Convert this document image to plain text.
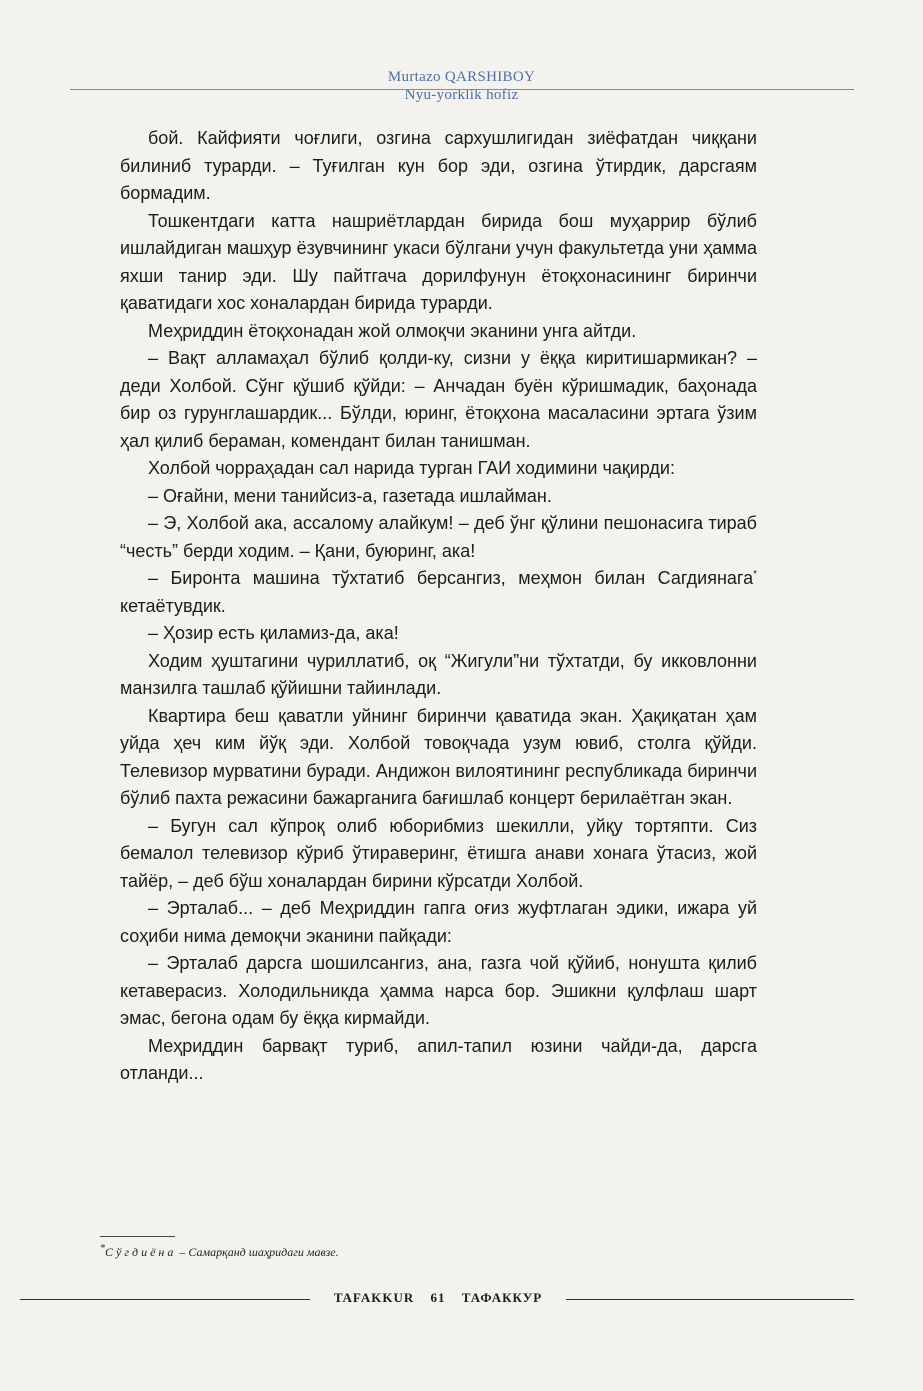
Murtazo QARSHIBOY
Nyu-yorklik hofiz

бой. Кайфияти чоғлиги, озгина сархушлигидан зиёфатдан чиққани билиниб турарди. – Туғилган кун бор эди, озгина ўтирдик, дарсгаям бормадим.

Тошкентдаги катта нашриётлардан бирида бош муҳаррир бўлиб ишлайдиган машҳур ёзувчининг укаси бўлгани учун факультетда уни ҳамма яхши танир эди. Шу пайтгача дорилфунун ётоқхонасининг биринчи қаватидаги хос хоналардан бирида турарди.

Меҳриддин ётоқхонадан жой олмоқчи эканини унга айтди.

– Вақт алламаҳал бўлиб қолди-ку, сизни у ёққа киритишармикан? – деди Холбой. Сўнг қўшиб қўйди: – Анчадан буён кўришмадик, баҳонада бир оз гурунглашардик... Бўлди, юринг, ётоқхона масаласини эртага ўзим ҳал қилиб бераман, комендант билан танишман.

Холбой чорраҳадан сал нарида турган ГАИ ходимини чақирди:

– Оғайни, мени танийсиз-а, газетада ишлайман.

– Э, Холбой ака, ассалому алайкум! – деб ўнг қўлини пешонасига тираб “честь” берди ходим. – Қани, буюринг, ака!

– Биронта машина тўхтатиб берсангиз, меҳмон билан Сагдиянага* кетаётувдик.

– Ҳозир есть қиламиз-да, ака!

Ходим ҳуштагини чуриллатиб, оқ “Жигули”ни тўхтатди, бу икковлонни манзилга ташлаб қўйишни тайинлади.

Квартира беш қаватли уйнинг биринчи қаватида экан. Ҳақиқатан ҳам уйда ҳеч ким йўқ эди. Холбой товоқчада узум ювиб, столга қўйди. Телевизор мурватини буради. Андижон вилоятининг республикада биринчи бўлиб пахта режасини бажарганига бағишлаб концерт берилаётган экан.

– Бугун сал кўпроқ олиб юборибмиз шекилли, уйқу тортяпти. Сиз бемалол телевизор кўриб ўтираверинг, ётишга анави хонага ўтасиз, жой тайёр, – деб бўш хоналардан бирини кўрсатди Холбой.

– Эрталаб... – деб Меҳриддин гапга оғиз жуфтлаган эдики, ижара уй соҳиби нима демоқчи эканини пайқади:

– Эрталаб дарсга шошилсангиз, ана, газга чой қўйиб, нонушта қилиб кетаверасиз. Холодильникда ҳамма нарса бор. Эшикни қулфлаш шарт эмас, бегона одам бу ёққа кирмайди.

Меҳриддин барвақт туриб, апил-тапил юзини чайди-да, дарсга отланди...

*Сўгдиёна – Самарқанд шаҳридаги мавзе.
TAFAKKUR 61 ТАФАККУР
